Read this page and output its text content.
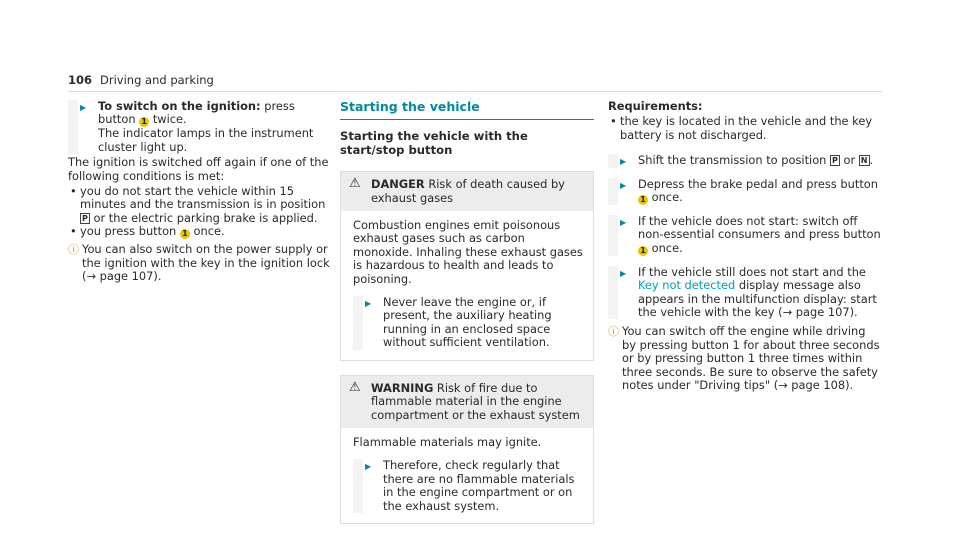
106 Driving and parking
▶ To switch on the ignition: press button 1 twice.

The indicator lamps in the instrument cluster light up.

The ignition is switched off again if one of the following conditions is met:

• you do not start the vehicle within 15 minutes and the transmission is in position P or the electric parking brake is applied.
• you press button 1 once.
ⓘ You can also switch on the power supply or the ignition with the key in the ignition lock (→ page 107).

Starting the vehicle
Starting the vehicle with the start/stop button
⚠ DANGER Risk of death caused by exhaust gases

Combustion engines emit poisonous exhaust gases such as carbon monoxide. Inhaling these exhaust gases is hazardous to health and leads to poisoning.

▶ Never leave the engine or, if present, the auxiliary heating running in an enclosed space without sufficient ventilation.

⚠ WARNING Risk of fire due to flammable material in the engine compartment or the exhaust system

Flammable materials may ignite.

▶ Therefore, check regularly that there are no flammable materials in the engine compartment or on the exhaust system.

Requirements:

• the key is located in the vehicle and the key battery is not discharged.
▶ Shift the transmission to position P or N .

▶ Depress the brake pedal and press button 1 once.

▶ If the vehicle does not start: switch off non-essential consumers and press button 1 once.

▶ If the vehicle still does not start and the Key not detected display message also appears in the multifunction display: start the vehicle with the key (→ page 107).

ⓘ You can switch off the engine while driving by pressing button 1 for about three seconds or by pressing button 1 three times within three seconds. Be sure to observe the safety notes under "Driving tips" (→ page 108).
